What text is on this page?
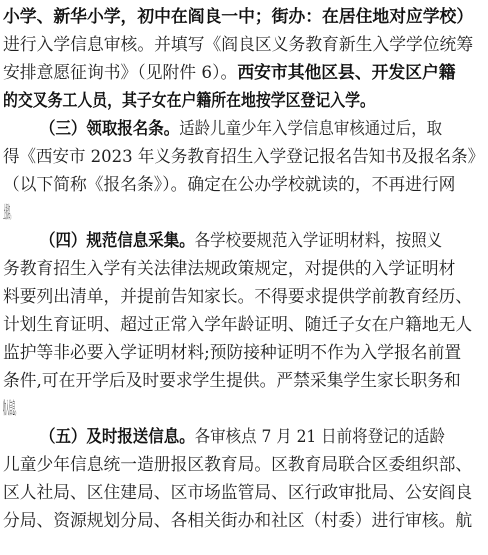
小学、新华小学，初中在阎良一中；街办：在居住地对应学校）
进行入学信息审核。并填写《阎良区义务教育新生入学学位统筹
安排意愿征询书》（见附件 6）。西安市其他区县、开发区户籍
的交叉务工人员，其子女在户籍所在地按学区登记入学。
（三）领取报名条。适龄儿童少年入学信息审核通过后，取
得《西安市 2023 年义务教育招生入学登记报名告知书及报名条》
（以下简称《报名条》）。确定在公办学校就读的，不再进行网
上报名。
（四）规范信息采集。各学校要规范入学证明材料，按照义
务教育招生入学有关法律法规政策规定，对提供的入学证明材
料要列出清单，并提前告知家长。不得要求提供学前教育经历、
计划生育证明、超过正常入学年龄证明、随迁子女在户籍地无人
监护等非必要入学证明材料;预防接种证明不作为入学报名前置
条件,可在开学后及时要求学生提供。严禁采集学生家长职务和
收入信息。
（五）及时报送信息。各审核点 7 月 21 日前将登记的适龄
儿童少年信息统一造册报区教育局。区教育局联合区委组织部、
区人社局、区住建局、区市场监管局、区行政审批局、公安阎良
分局、资源规划分局、各相关街办和社区（村委）进行审核。航
